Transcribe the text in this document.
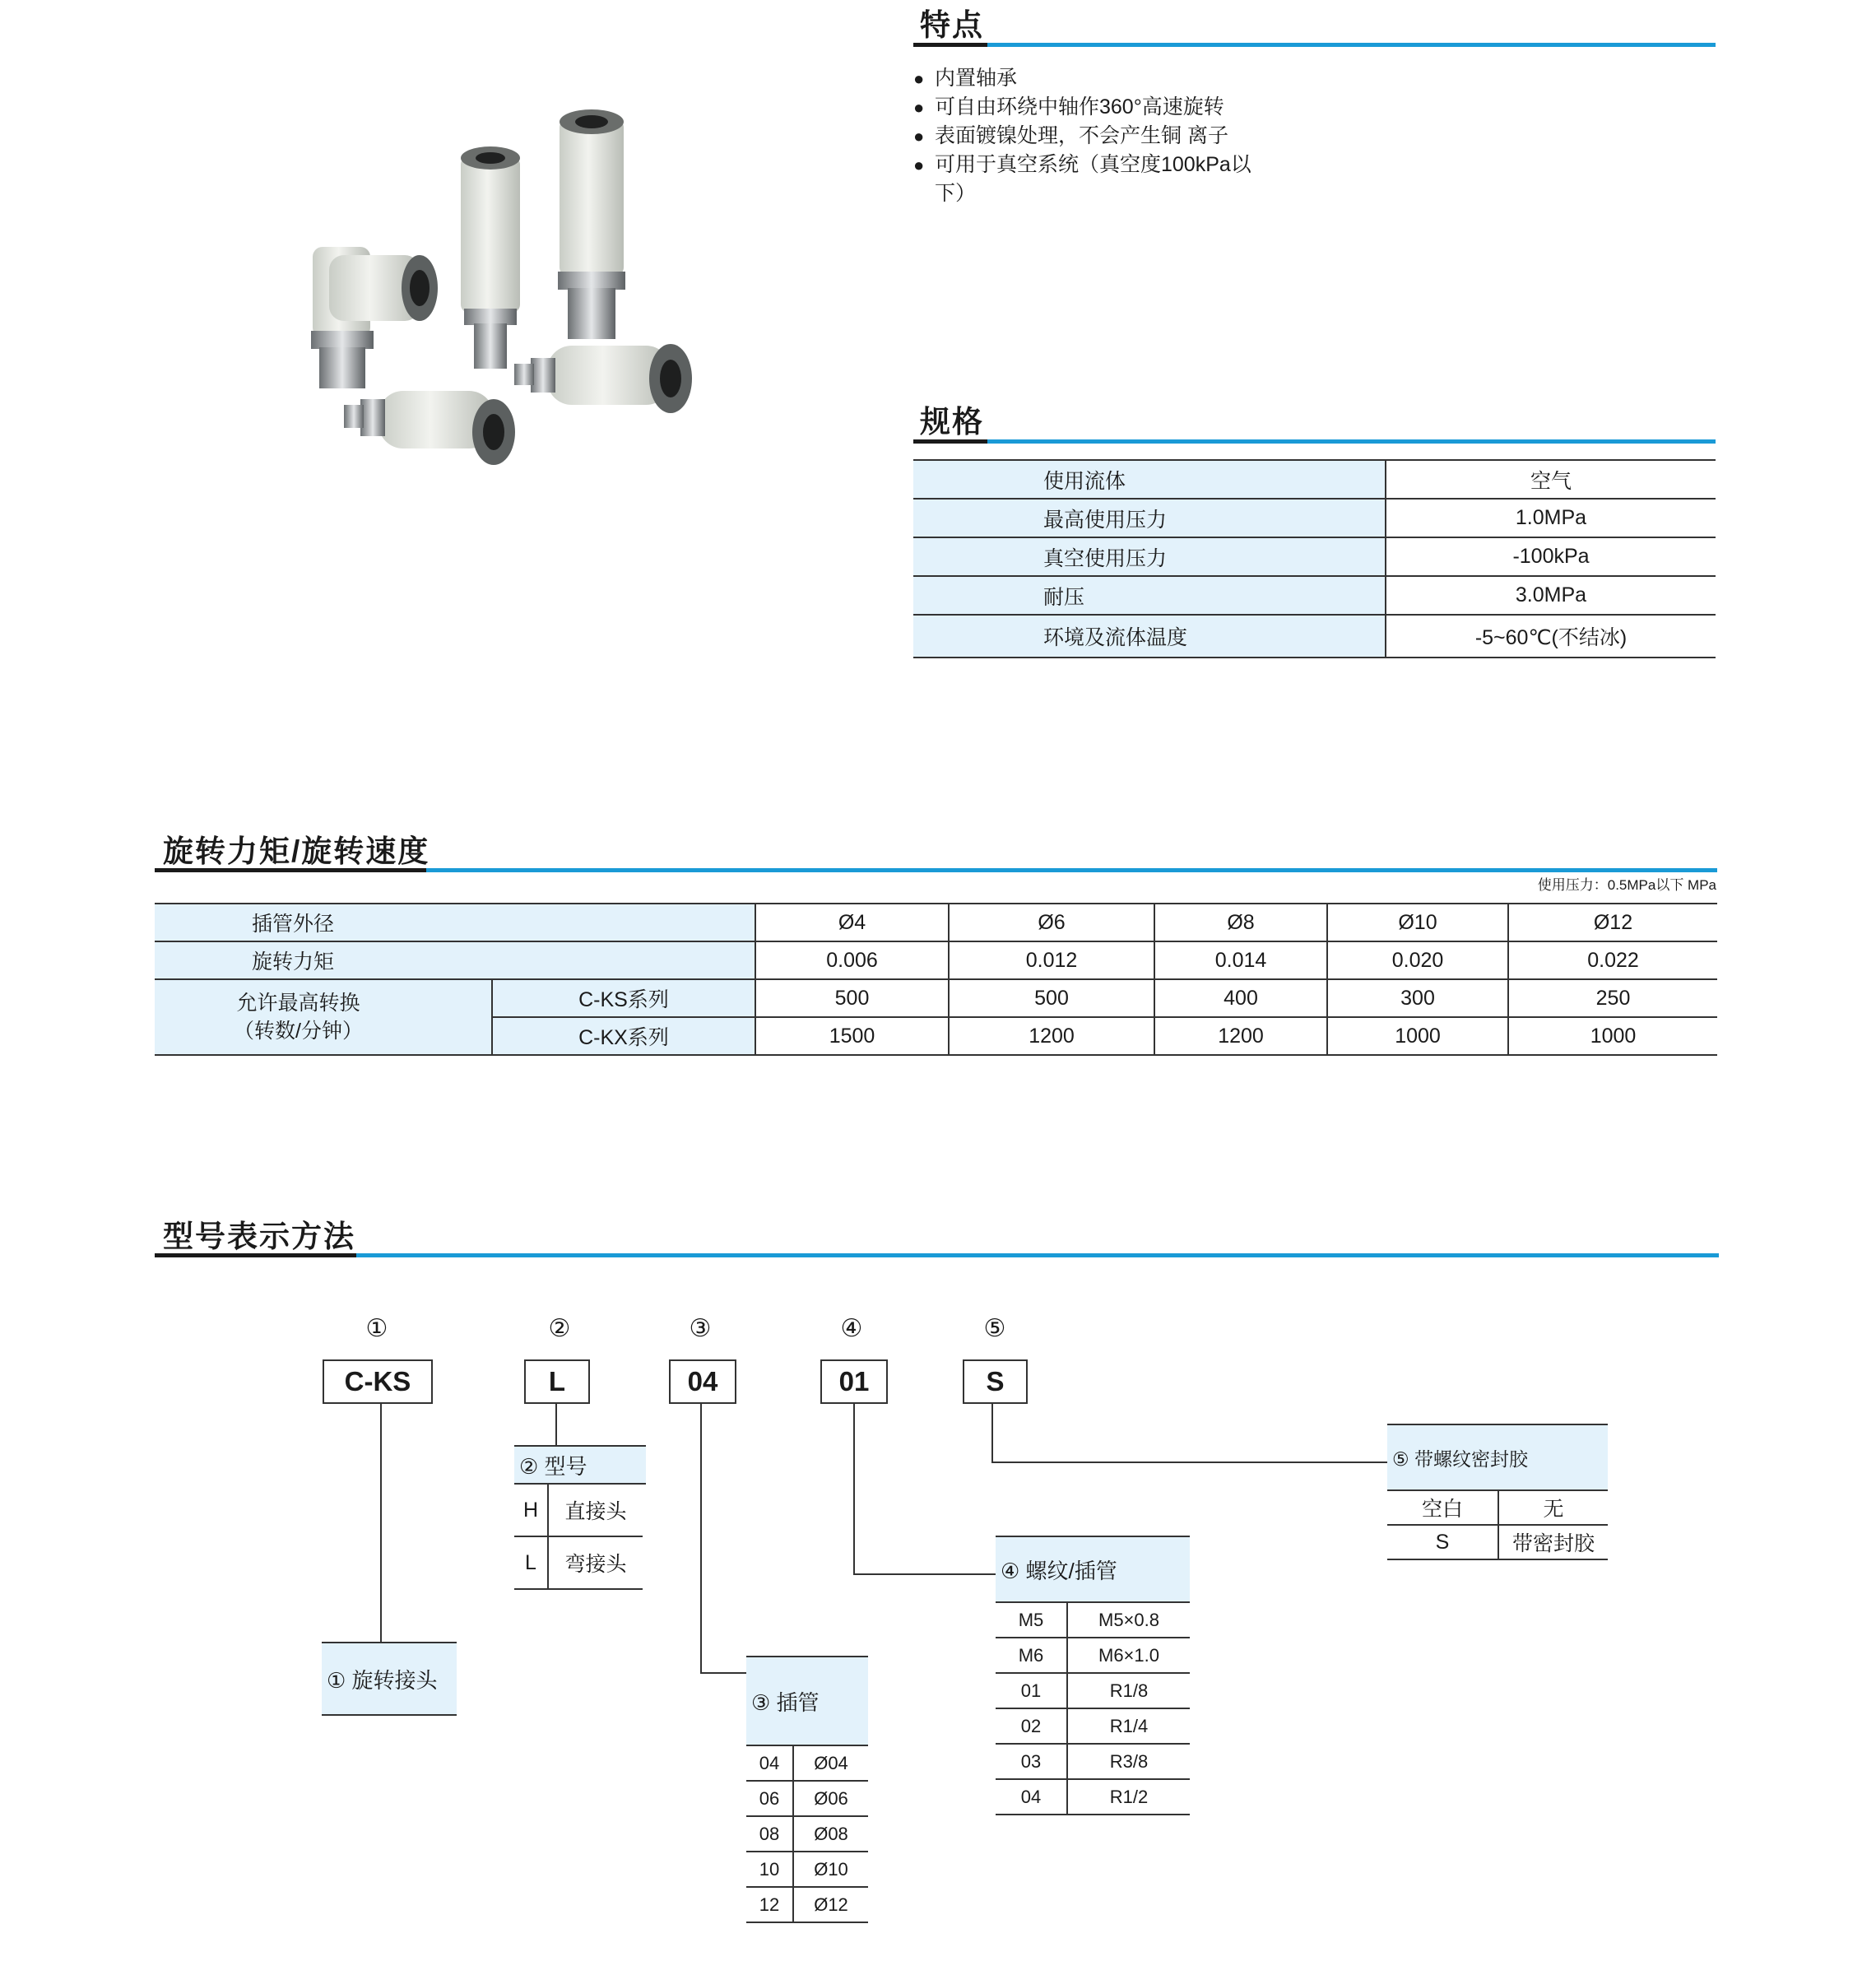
特点
● 内置轴承
● 可自由环绕中轴作360°高速旋转
● 表面镀镍处理，不会产生铜 离子
● 可用于真空系统（真空度100kPa以下）
规格
使用流体	空气
最高使用压力	1.0MPa
真空使用压力	-100kPa
耐压	3.0MPa
环境及流体温度	-5~60℃(不结冰)
旋转力矩/旋转速度
使用压力：0.5MPa以下 MPa
插管外径		Ø4	Ø6	Ø8	Ø10	Ø12
旋转力矩		0.006	0.012	0.014	0.020	0.022

允许最高转换
（转数/分钟）	C-KS系列	500	500	400	300	250
	C-KX系列	1500	1200	1200	1000	1000
型号表示方法
①	②	③	④	⑤
C-KS	L	04	01	S
① 旋转接头
② 型号
H	直接头
L	弯接头
③ 插管
04	Ø04
06	Ø06
08	Ø08
10	Ø10
12	Ø12
④ 螺纹/插管
M5	M5×0.8
M6	M6×1.0
01	R1/8
02	R1/4
03	R3/8
04	R1/2
⑤ 带螺纹密封胶
空白	无
S	带密封胶
